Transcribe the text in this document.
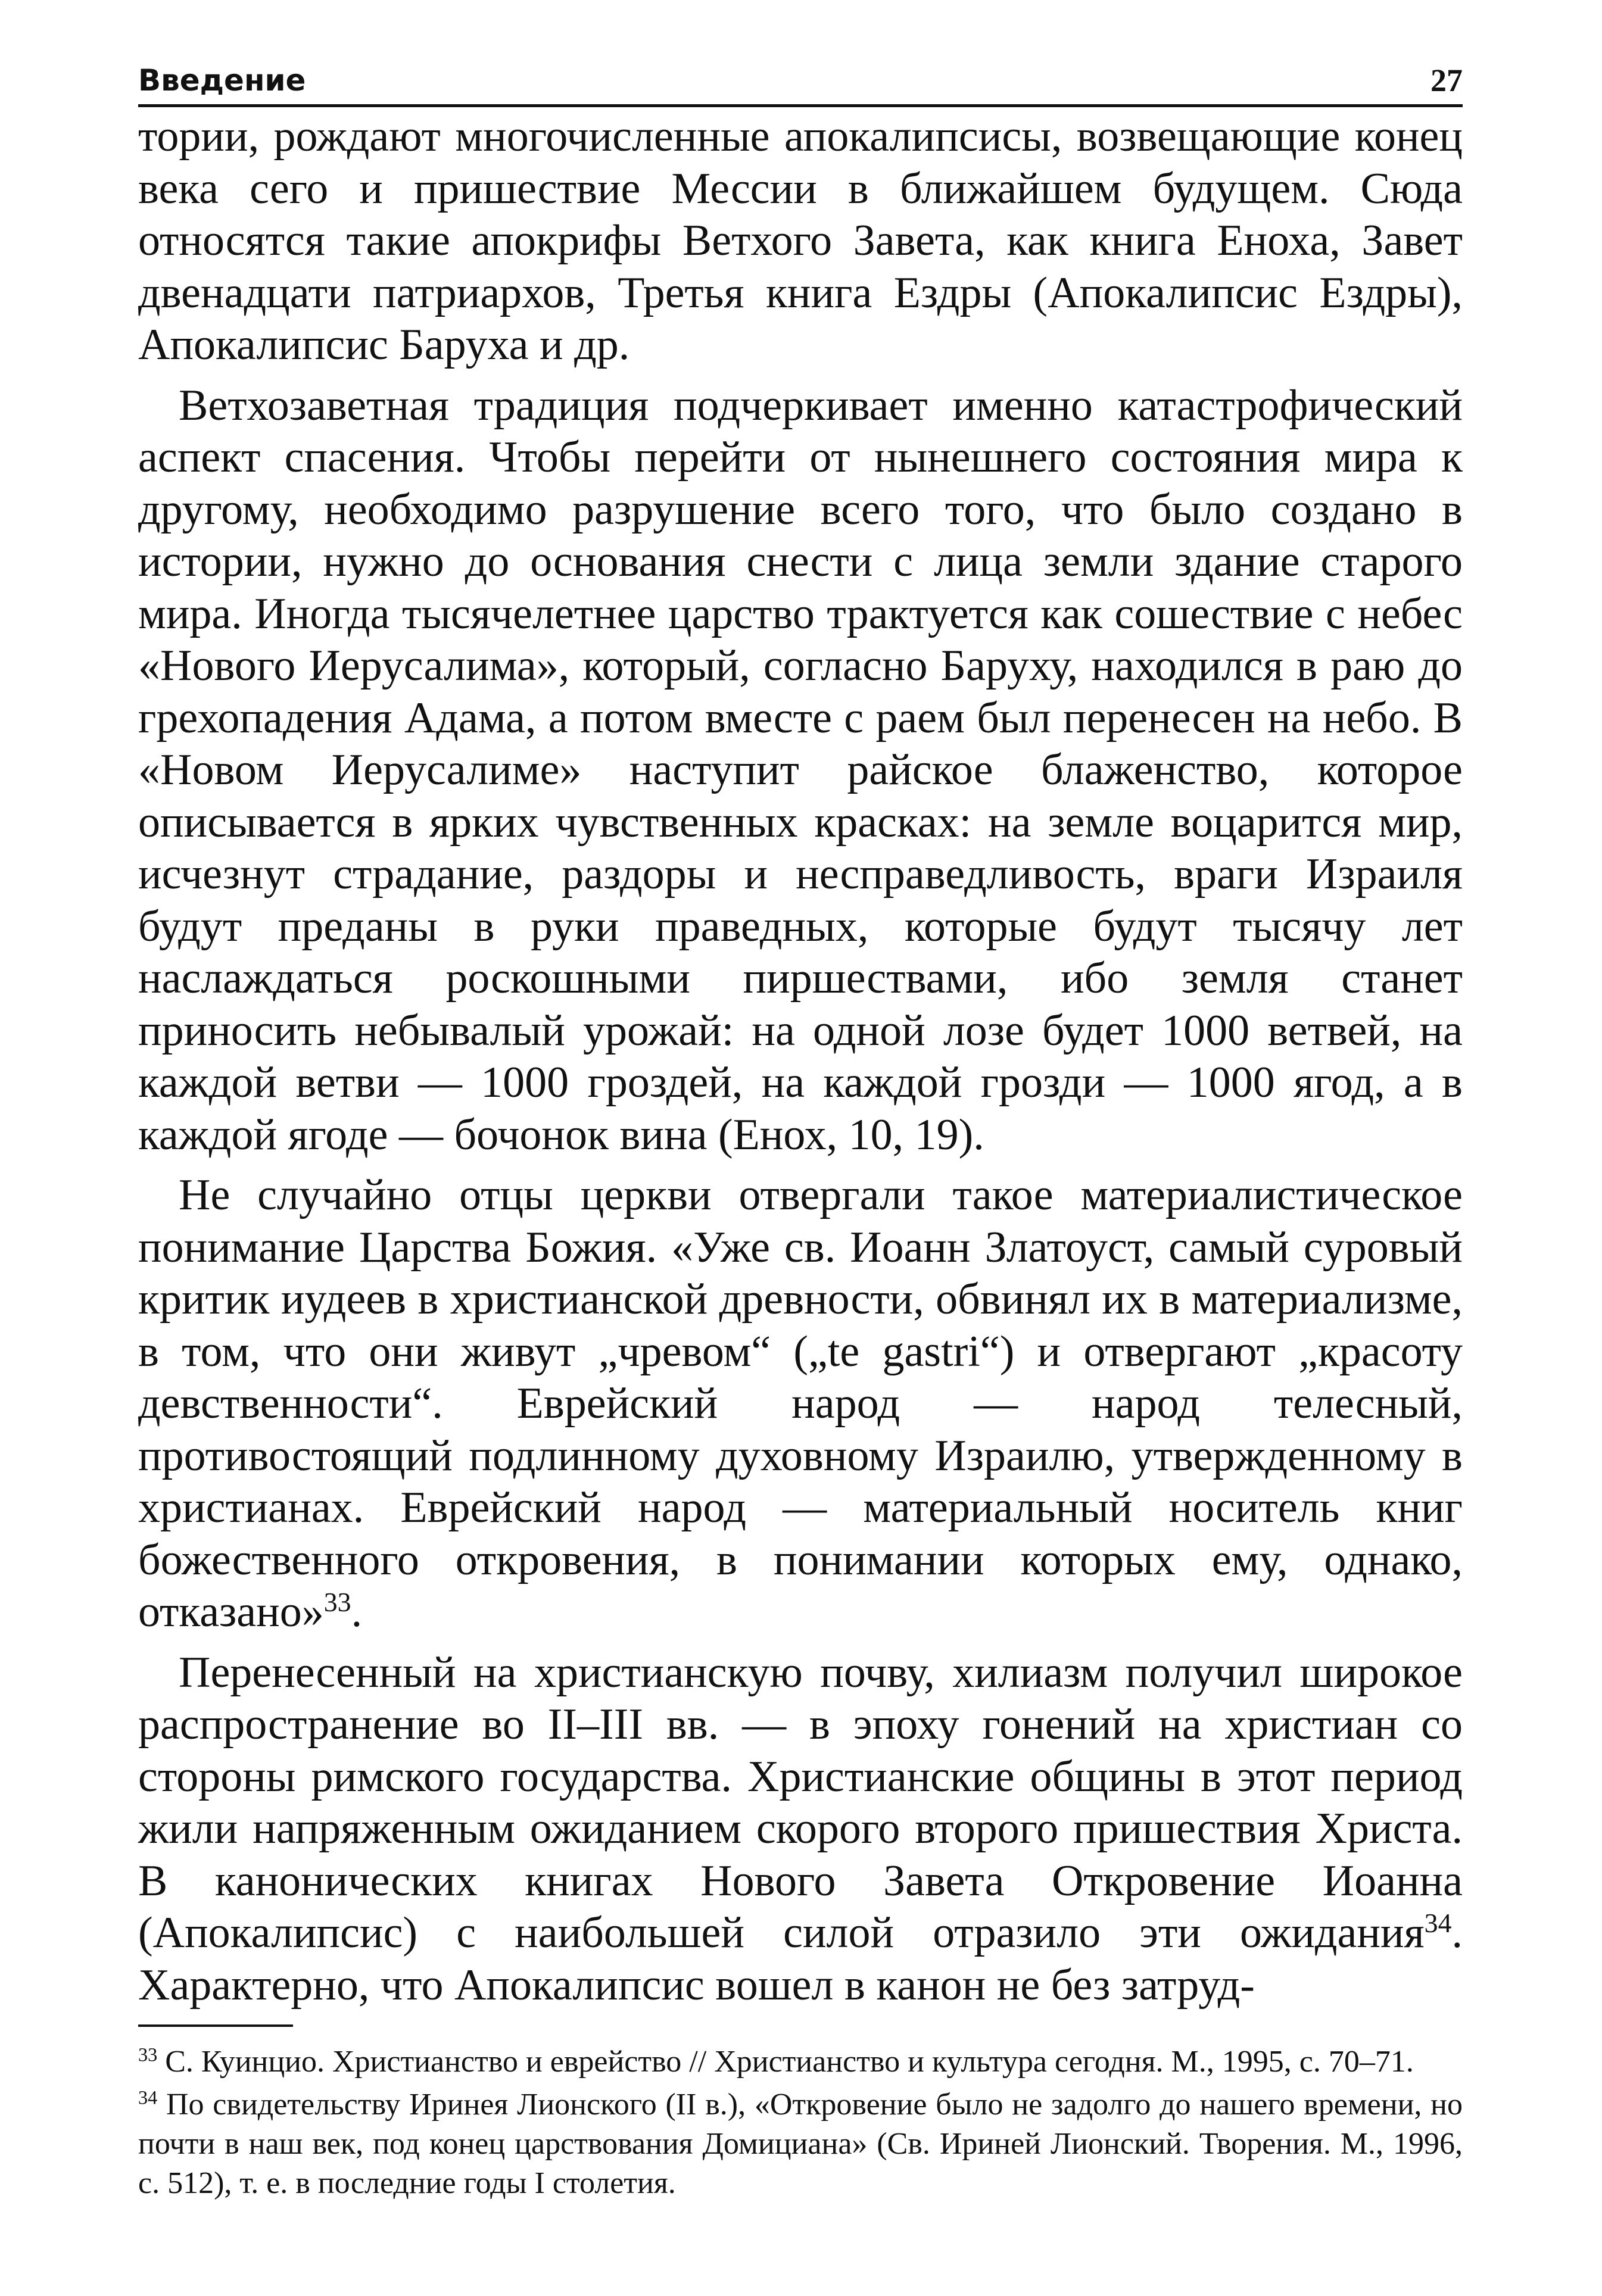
Введение	27

тории, рождают многочисленные апокалипсисы, возвещающие конец века сего и пришествие Мессии в ближайшем будущем. Сюда относятся такие апокрифы Ветхого Завета, как книга Еноха, Завет двенадцати патриархов, Третья книга Ездры (Апокалипсис Ездры), Апокалипсис Баруха и др.

Ветхозаветная традиция подчеркивает именно катастрофический аспект спасения. Чтобы перейти от нынешнего состояния мира к другому, необходимо разрушение всего того, что было создано в истории, нужно до основания снести с лица земли здание старого мира. Иногда тысячелетнее царство трактуется как сошествие с небес «Нового Иерусалима», который, согласно Баруху, находился в раю до грехопадения Адама, а потом вместе с раем был перенесен на небо. В «Новом Иерусалиме» наступит райское блаженство, которое описывается в ярких чувственных красках: на земле воцарится мир, исчезнут страдание, раздоры и несправедливость, враги Израиля будут преданы в руки праведных, которые будут тысячу лет наслаждаться роскошными пиршествами, ибо земля станет приносить небывалый урожай: на одной лозе будет 1000 ветвей, на каждой ветви — 1000 гроздей, на каждой грозди — 1000 ягод, а в каждой ягоде — бочонок вина (Енох, 10, 19).

Не случайно отцы церкви отвергали такое материалистическое понимание Царства Божия. «Уже св. Иоанн Златоуст, самый суровый критик иудеев в христианской древности, обвинял их в материализме, в том, что они живут „чревом“ („te gastri“) и отвергают „красоту девственности“. Еврейский народ — народ телесный, противостоящий подлинному духовному Израилю, утвержденному в христианах. Еврейский народ — материальный носитель книг божественного откровения, в понимании которых ему, однако, отказано»$^{33}$.

Перенесенный на христианскую почву, хилиазм получил широкое распространение во II–III вв. — в эпоху гонений на христиан со стороны римского государства. Христианские общины в этот период жили напряженным ожиданием скорого второго пришествия Христа. В канонических книгах Нового Завета Откровение Иоанна (Апокалипсис) с наибольшей силой отразило эти ожидания$^{34}$. Характерно, что Апокалипсис вошел в канон не без затруд-

$^{33}$ С. Куинцио. Христианство и еврейство // Христианство и культура сегодня. М., 1995, с. 70–71.

$^{34}$ По свидетельству Иринея Лионского (II в.), «Откровение было не задолго до нашего времени, но почти в наш век, под конец царствования Домициана» (Св. Ириней Лионский. Творения. М., 1996, с. 512), т. е. в последние годы I столетия.
